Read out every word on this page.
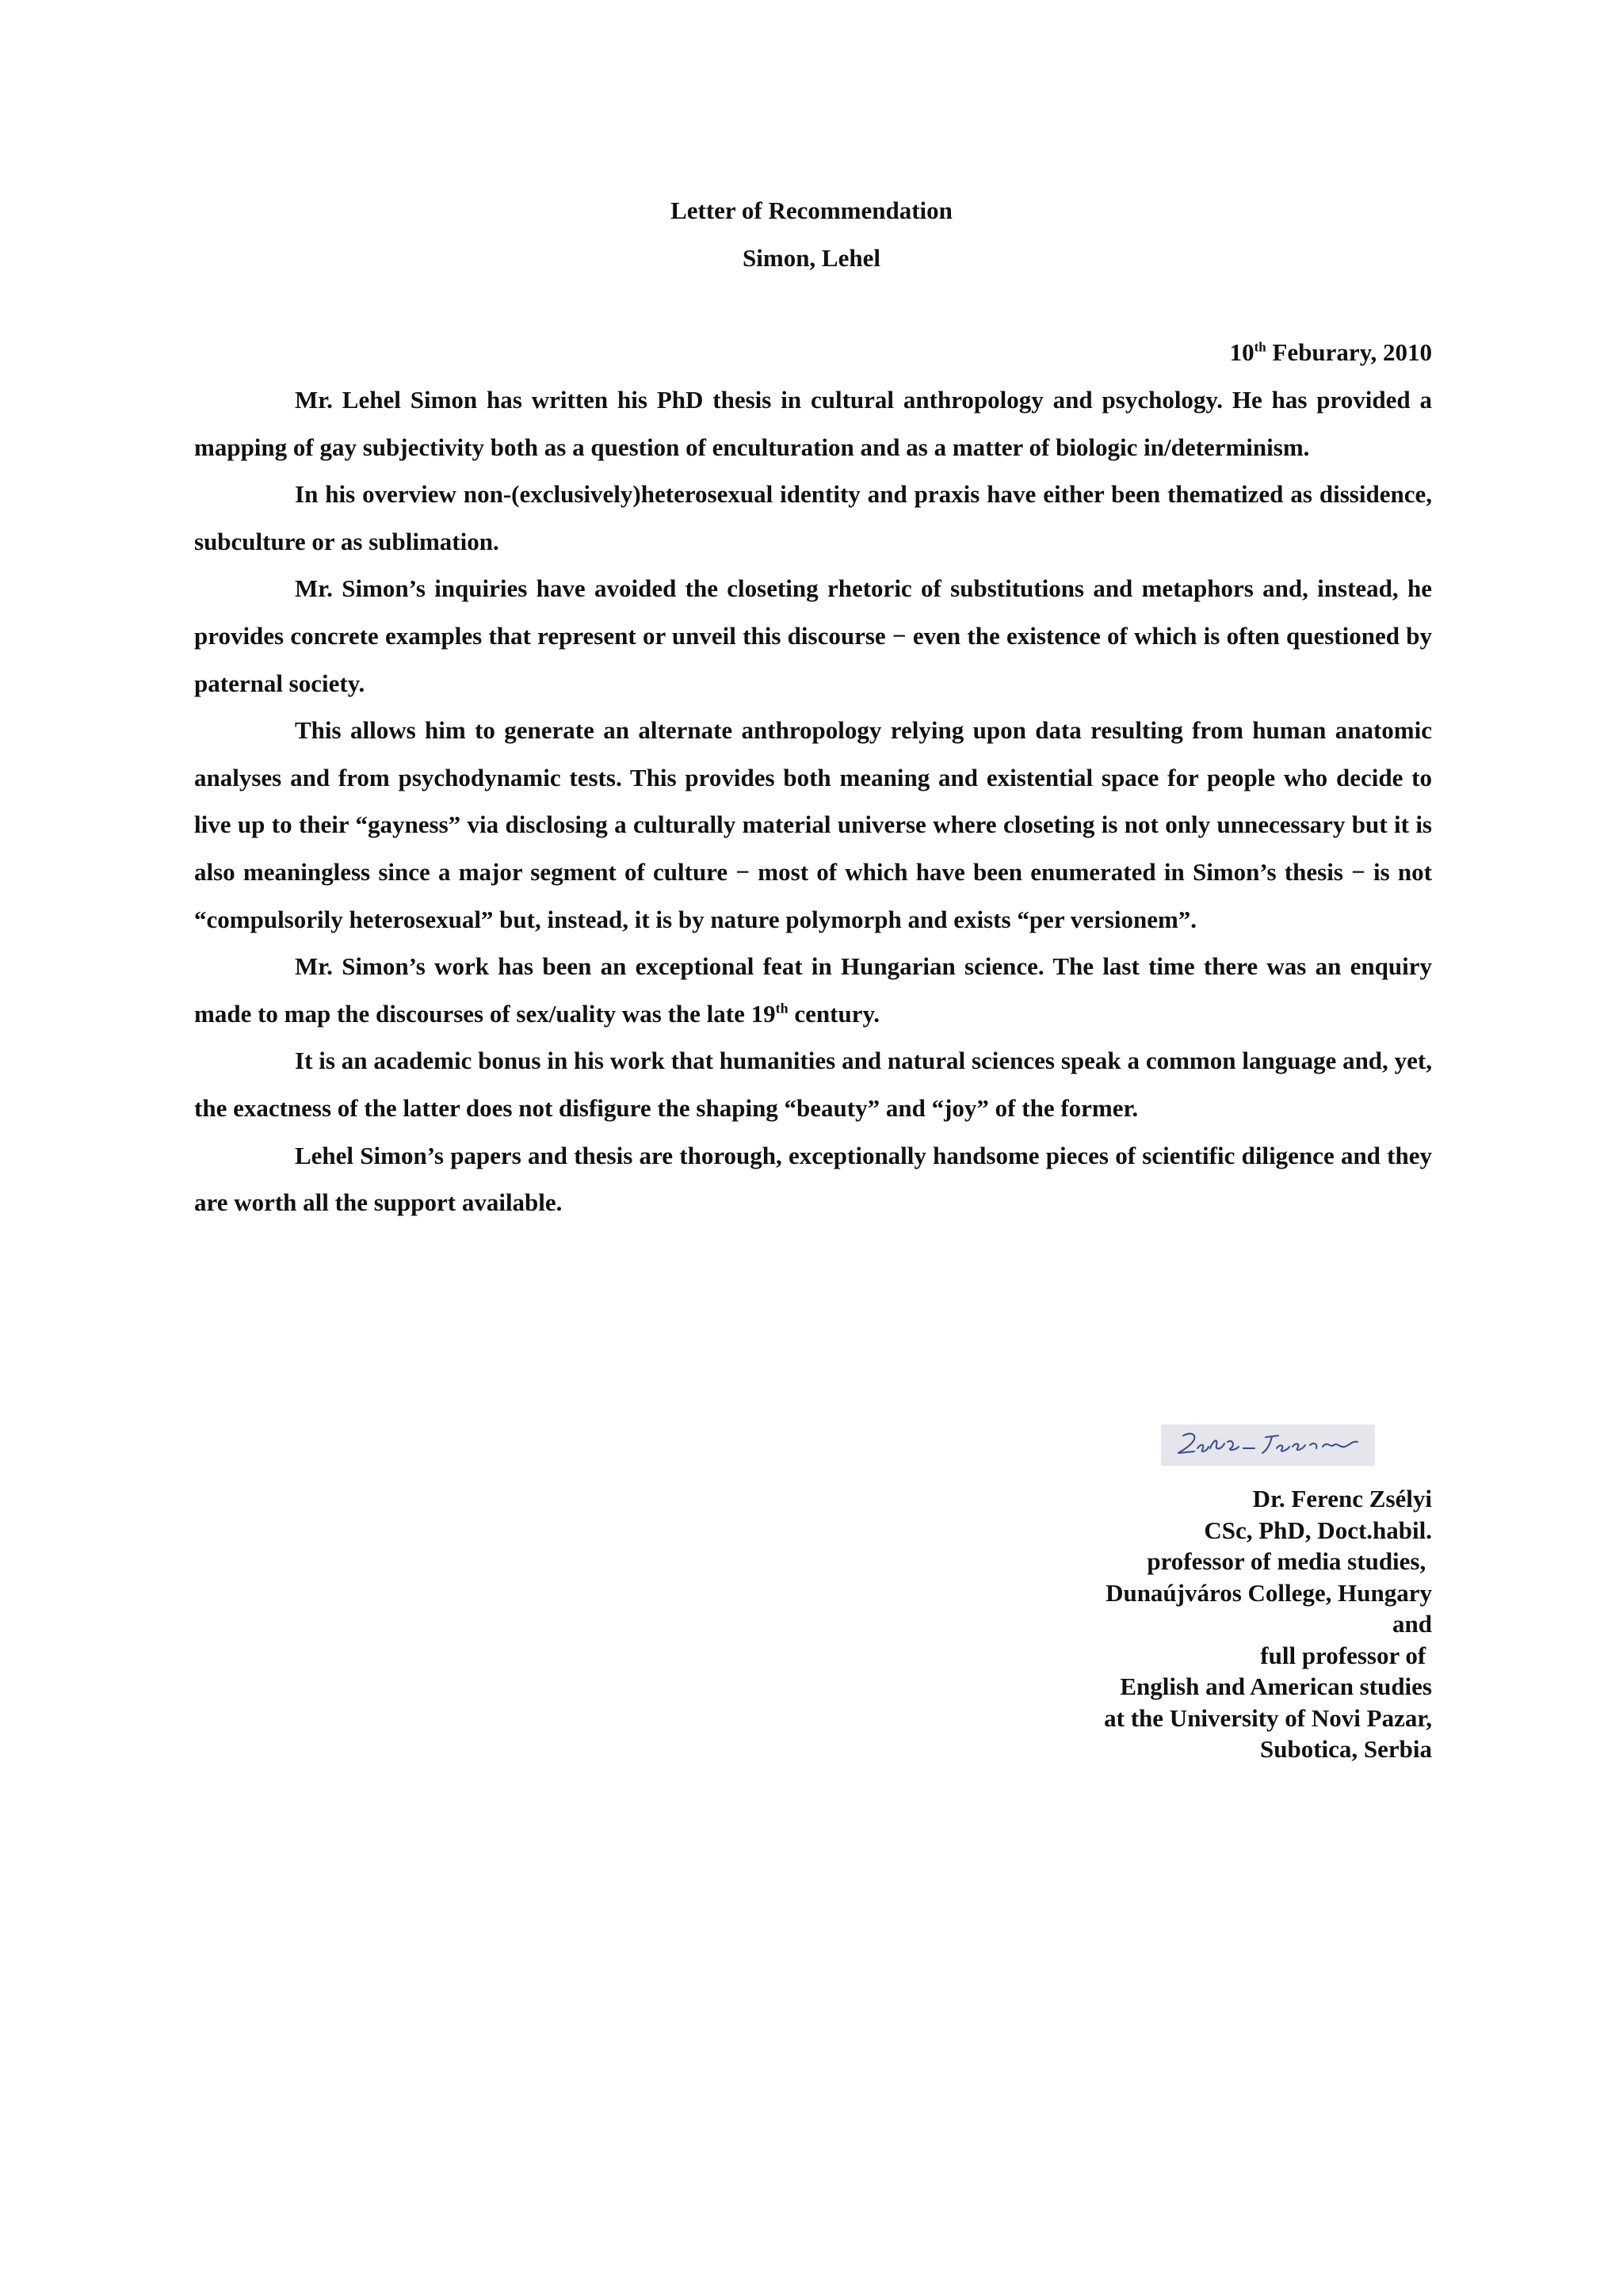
Letter of Recommendation
Simon, Lehel
10th Feburary, 2010

Mr. Lehel Simon has written his PhD thesis in cultural anthropology and psychology. He has provided a mapping of gay subjectivity both as a question of enculturation and as a matter of biologic in/determinism.

In his overview non-(exclusively)heterosexual identity and praxis have either been thematized as dissidence, subculture or as sublimation.

Mr. Simon’s inquiries have avoided the closeting rhetoric of substitutions and metaphors and, instead, he provides concrete examples that represent or unveil this discourse − even the existence of which is often questioned by paternal society.

This allows him to generate an alternate anthropology relying upon data resulting from human anatomic analyses and from psychodynamic tests. This provides both meaning and existential space for people who decide to live up to their “gayness” via disclosing a culturally material universe where closeting is not only unnecessary but it is also meaningless since a major segment of culture − most of which have been enumerated in Simon’s thesis − is not “compulsorily heterosexual” but, instead, it is by nature polymorph and exists “per versionem”.

Mr. Simon’s work has been an exceptional feat in Hungarian science. The last time there was an enquiry made to map the discourses of sex/uality was the late 19th century.

It is an academic bonus in his work that humanities and natural sciences speak a common language and, yet, the exactness of the latter does not disfigure the shaping “beauty” and “joy” of the former.

Lehel Simon’s papers and thesis are thorough, exceptionally handsome pieces of scientific diligence and they are worth all the support available.

Dr. Ferenc Zsélyi
CSc, PhD, Doct.habil.
professor of media studies,
Dunaújváros College, Hungary
and
full professor of
English and American studies
at the University of Novi Pazar,
Subotica, Serbia
